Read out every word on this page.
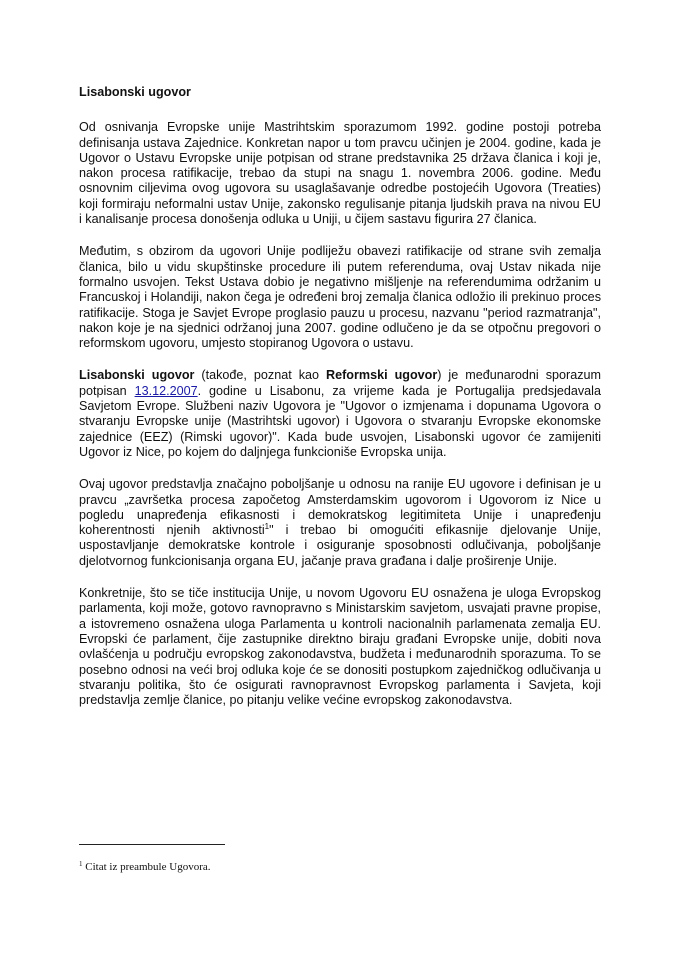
Lisabonski ugovor

Od osnivanja Evropske unije Mastrihtskim sporazumom 1992. godine postoji potreba definisanja ustava Zajednice. Konkretan napor u tom pravcu učinjen je 2004. godine, kada je Ugovor o Ustavu Evropske unije potpisan od strane predstavnika 25 država članica i koji je, nakon procesa ratifikacije, trebao da stupi na snagu 1. novembra 2006. godine. Među osnovnim ciljevima ovog ugovora su usaglašavanje odredbe postojećih Ugovora (Treaties) koji formiraju neformalni ustav Unije, zakonsko regulisanje pitanja ljudskih prava na nivou EU i kanalisanje procesa donošenja odluka u Uniji, u čijem sastavu figurira 27 članica.

Međutim, s obzirom da ugovori Unije podliježu obavezi ratifikacije od strane svih zemalja članica, bilo u vidu skupštinske procedure ili putem referenduma, ovaj Ustav nikada nije formalno usvojen. Tekst Ustava dobio je negativno mišljenje na referendumima održanim u Francuskoj i Holandiji, nakon čega je određeni broj zemalja članica odložio ili prekinuo proces ratifikacije. Stoga je Savjet Evrope proglasio pauzu u procesu, nazvanu "period razmatranja", nakon koje je na sjednici održanoj juna 2007. godine odlučeno je da se otpočnu pregovori o reformskom ugovoru, umjesto stopiranog Ugovora o ustavu.

Lisabonski ugovor (takođe, poznat kao Reformski ugovor) je međunarodni sporazum potpisan 13.12.2007. godine u Lisabonu, za vrijeme kada je Portugalija predsjedavala Savjetom Evrope. Službeni naziv Ugovora je "Ugovor o izmjenama i dopunama Ugovora o stvaranju Evropske unije (Mastrihtski ugovor) i Ugovora o stvaranju Evropske ekonomske zajednice (EEZ) (Rimski ugovor)". Kada bude usvojen, Lisabonski ugovor će zamijeniti Ugovor iz Nice, po kojem do daljnjega funkcioniše Evropska unija.

Ovaj ugovor predstavlja značajno poboljšanje u odnosu na ranije EU ugovore i definisan je u pravcu „završetka procesa započetog Amsterdamskim ugovorom i Ugovorom iz Nice u pogledu unapređenja efikasnosti i demokratskog legitimiteta Unije i unapređenju koherentnosti njenih aktivnosti$^1$" i trebao bi omogućiti efikasnije djelovanje Unije, uspostavljanje demokratske kontrole i osiguranje sposobnosti odlučivanja, poboljšanje djelotvornog funkcionisanja organa EU, jačanje prava građana i dalje proširenje Unije.

Konkretnije, što se tiče institucija Unije, u novom Ugovoru EU osnažena je uloga Evropskog parlamenta, koji može, gotovo ravnopravno s Ministarskim savjetom, usvajati pravne propise, a istovremeno osnažena uloga Parlamenta u kontroli nacionalnih parlamenata zemalja EU. Evropski će parlament, čije zastupnike direktno biraju građani Evropske unije, dobiti nova ovlašćenja u području evropskog zakonodavstva, budžeta i međunarodnih sporazuma. To se posebno odnosi na veći broj odluka koje će se donositi postupkom zajedničkog odlučivanja u stvaranju politika, što će osigurati ravnopravnost Evropskog parlamenta i Savjeta, koji predstavlja zemlje članice, po pitanju velike većine evropskog zakonodavstva.

$^1$ Citat iz preambule Ugovora.
